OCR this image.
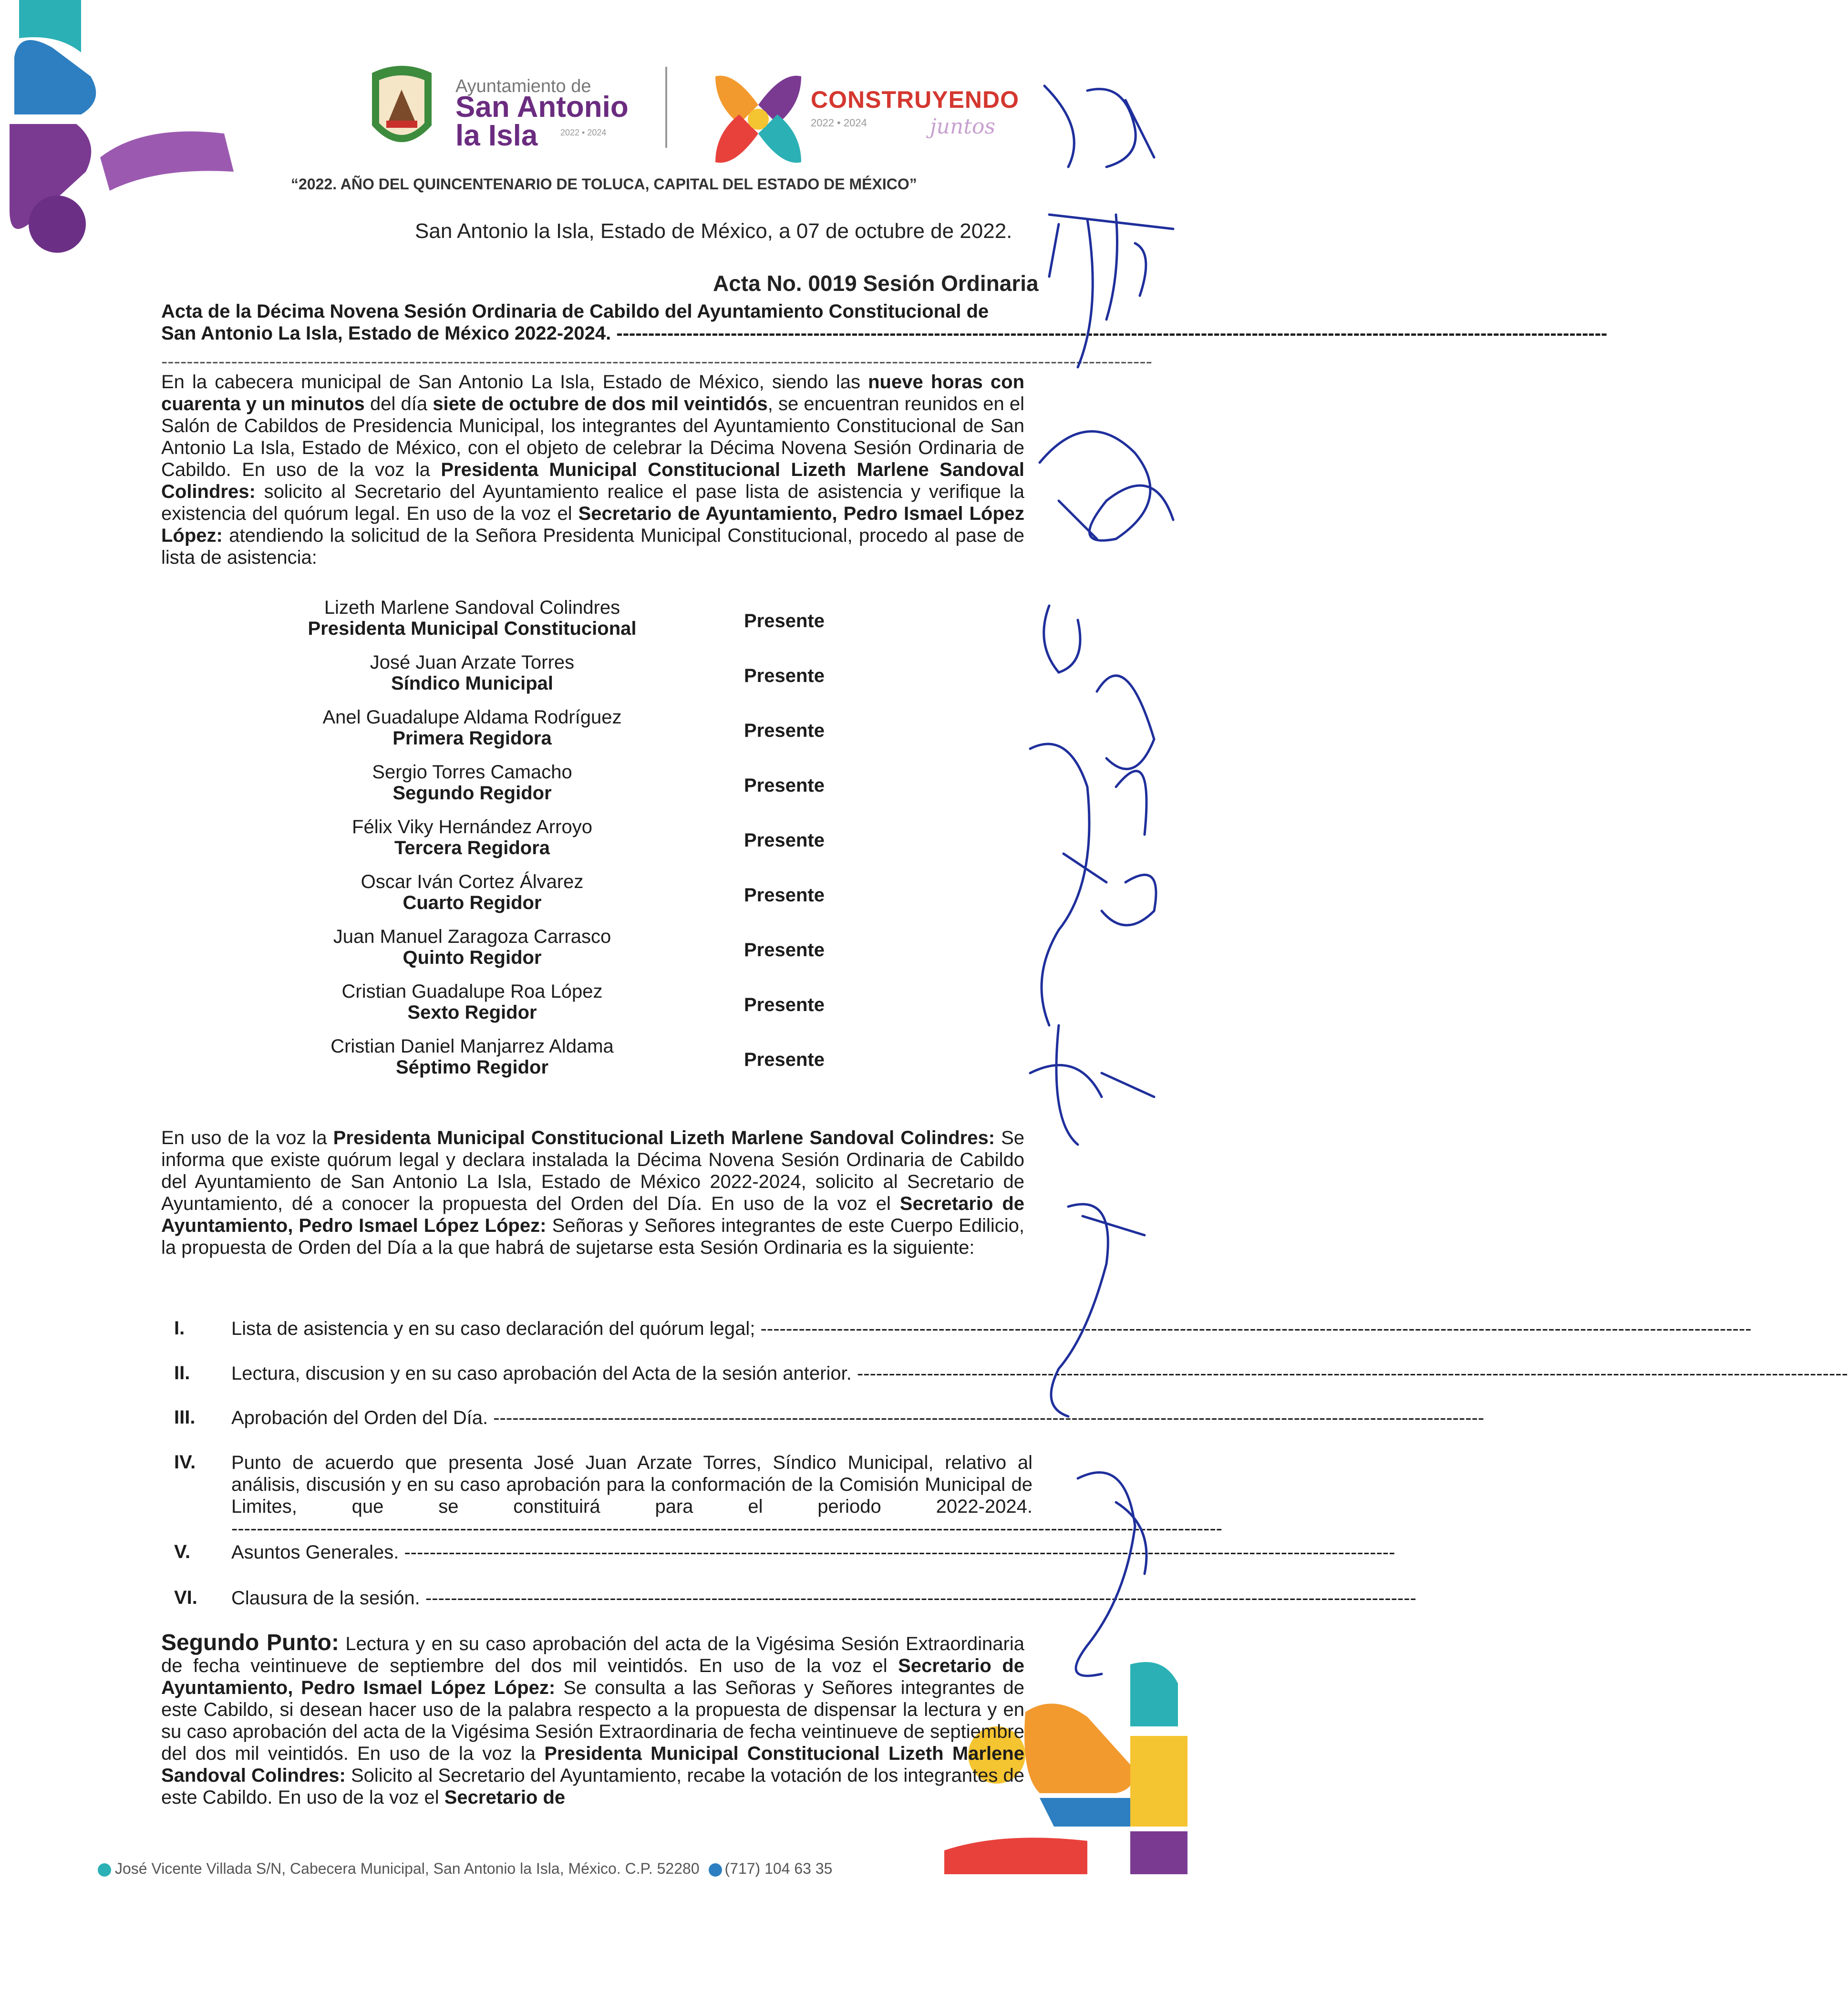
Ayuntamiento de
San Antonio
la Isla	2022 • 2024
CONSTRUYENDO
2022 • 2024	juntos
“2022. AÑO DEL QUINCENTENARIO DE TOLUCA, CAPITAL DEL ESTADO DE MÉXICO”
San Antonio la Isla, Estado de México, a 07 de octubre de 2022.
Acta No. 0019 Sesión Ordinaria
Acta de la Décima Novena Sesión Ordinaria de Cabildo del Ayuntamiento Constitucional de
San Antonio La Isla, Estado de México 2022-2024. ------------------------------------------------------------------------------------------------------------------------------------------------------------
------------------------------------------------------------------------------------------------------------------------------------------------------------
En la cabecera municipal de San Antonio La Isla, Estado de México, siendo las nueve horas con cuarenta y un minutos del día siete de octubre de dos mil veintidós, se encuentran reunidos en el Salón de Cabildos de Presidencia Municipal, los integrantes del Ayuntamiento Constitucional de San Antonio La Isla, Estado de México, con el objeto de celebrar la Décima Novena Sesión Ordinaria de Cabildo. En uso de la voz la Presidenta Municipal Constitucional Lizeth Marlene Sandoval Colindres: solicito al Secretario del Ayuntamiento realice el pase lista de asistencia y verifique la existencia del quórum legal. En uso de la voz el Secretario de Ayuntamiento, Pedro Ismael López López: atendiendo la solicitud de la Señora Presidenta Municipal Constitucional, procedo al pase de lista de asistencia:
Lizeth Marlene Sandoval Colindres
Presidenta Municipal Constitucional	Presente
José Juan Arzate Torres
Síndico Municipal	Presente
Anel Guadalupe Aldama Rodríguez
Primera Regidora	Presente
Sergio Torres Camacho
Segundo Regidor	Presente
Félix Viky Hernández Arroyo
Tercera Regidora	Presente
Oscar Iván Cortez Álvarez
Cuarto Regidor	Presente
Juan Manuel Zaragoza Carrasco
Quinto Regidor	Presente
Cristian Guadalupe Roa López
Sexto Regidor	Presente
Cristian Daniel Manjarrez Aldama
Séptimo Regidor	Presente
En uso de la voz la Presidenta Municipal Constitucional Lizeth Marlene Sandoval Colindres: Se informa que existe quórum legal y declara instalada la Décima Novena Sesión Ordinaria de Cabildo del Ayuntamiento de San Antonio La Isla, Estado de México 2022-2024, solicito al Secretario de Ayuntamiento, dé a conocer la propuesta del Orden del Día. En uso de la voz el Secretario de Ayuntamiento, Pedro Ismael López López: Señoras y Señores integrantes de este Cuerpo Edilicio, la propuesta de Orden del Día a la que habrá de sujetarse esta Sesión Ordinaria es la siguiente:
I. Lista de asistencia y en su caso declaración del quórum legal; ------------------------------------------------------------------------------------------------------------------------------------------------------------
II. Lectura, discusion y en su caso aprobación del Acta de la sesión anterior. ------------------------------------------------------------------------------------------------------------------------------------------------------------
III. Aprobación del Orden del Día. ------------------------------------------------------------------------------------------------------------------------------------------------------------
IV. Punto de acuerdo que presenta José Juan Arzate Torres, Síndico Municipal, relativo al análisis, discusión y en su caso aprobación para la conformación de la Comisión Municipal de Limites, que se constituirá para el periodo 2022-2024. ------------------------------------------------------------------------------------------------------------------------------------------------------------
V. Asuntos Generales. ------------------------------------------------------------------------------------------------------------------------------------------------------------
VI. Clausura de la sesión. ------------------------------------------------------------------------------------------------------------------------------------------------------------
Segundo Punto: Lectura y en su caso aprobación del acta de la Vigésima Sesión Extraordinaria de fecha veintinueve de septiembre del dos mil veintidós. En uso de la voz el Secretario de Ayuntamiento, Pedro Ismael López López: Se consulta a las Señoras y Señores integrantes de este Cabildo, si desean hacer uso de la palabra respecto a la propuesta de dispensar la lectura y en su caso aprobación del acta de la Vigésima Sesión Extraordinaria de fecha veintinueve de septiembre del dos mil veintidós. En uso de la voz la Presidenta Municipal Constitucional Lizeth Marlene Sandoval Colindres: Solicito al Secretario del Ayuntamiento, recabe la votación de los integrantes de este Cabildo. En uso de la voz el Secretario de
José Vicente Villada S/N, Cabecera Municipal, San Antonio la Isla, México. C.P. 52280 (717) 104 63 35
